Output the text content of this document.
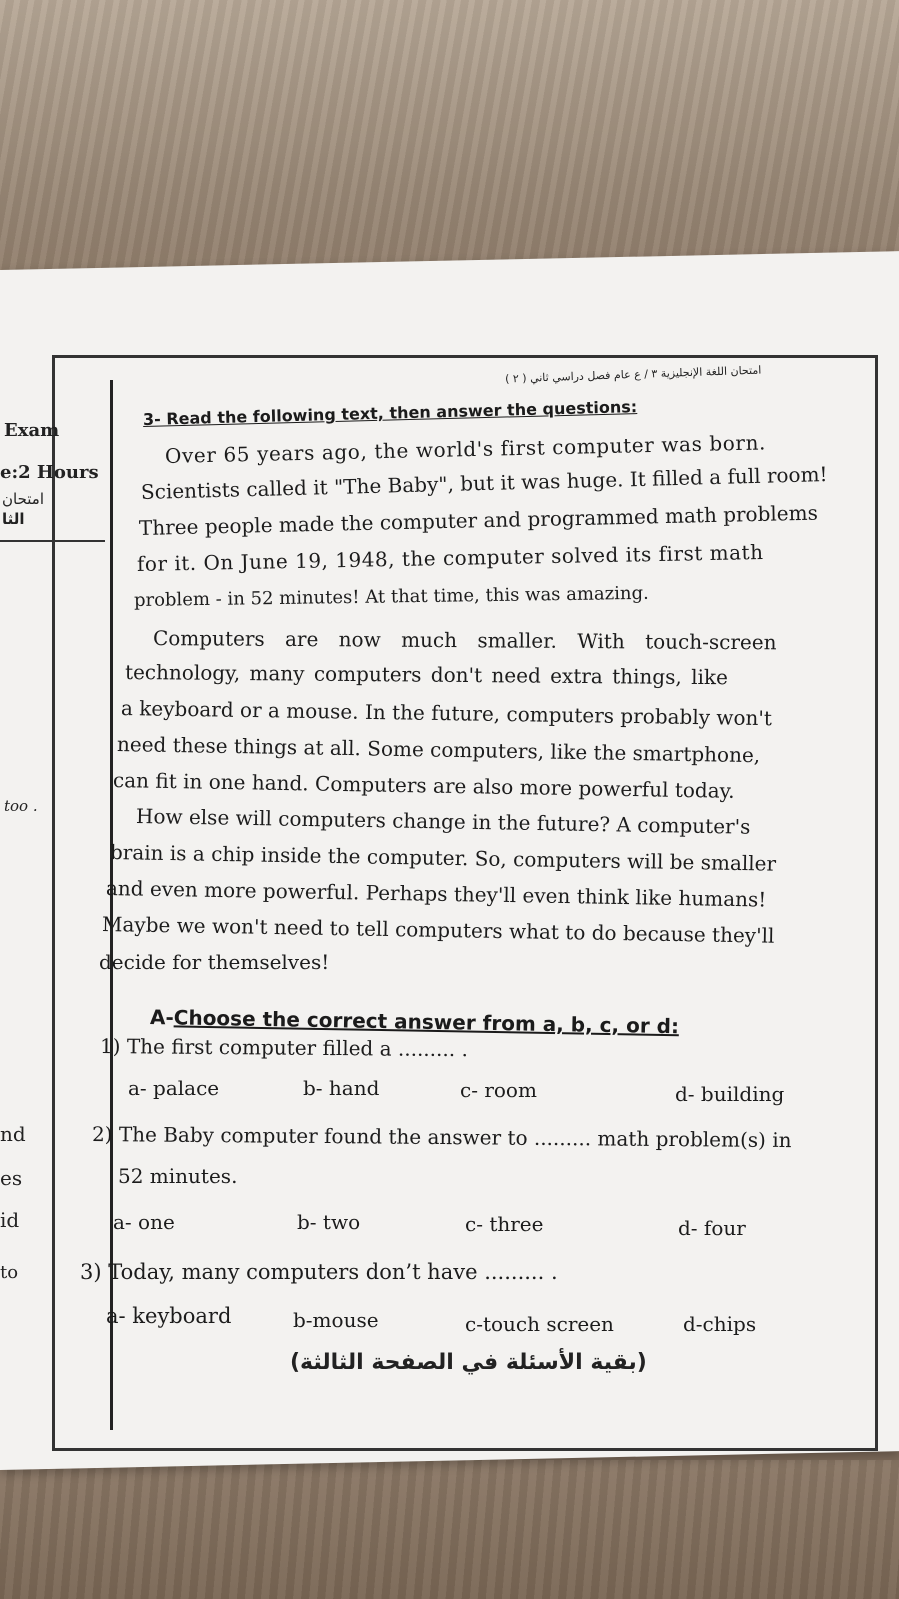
Exam
e:2 Hours
امتحان
الثا
too .
nd
es
id
to
امتحان اللغة الإنجليزية ٣ / ع عام فصل دراسي ثاني ( ٢ )
3- Read the following text, then answer the questions:
Over 65 years ago, the world's first computer was born.
Scientists called it "The Baby", but it was huge. It filled a full room!
Three people made the computer and programmed math problems
for it. On June 19, 1948, the computer solved its first math
problem - in 52 minutes! At that time, this was amazing.
Computers are now much smaller. With touch-screen
technology, many computers don't need extra things, like
a keyboard or a mouse. In the future, computers probably won't
need these things at all. Some computers, like the smartphone,
can fit in one hand. Computers are also more powerful today.
How else will computers change in the future? A computer's
brain is a chip inside the computer. So, computers will be smaller
and even more powerful. Perhaps they'll even think like humans!
Maybe we won't need to tell computers what to do because they'll
decide for themselves!
A-Choose the correct answer from a, b, c, or d:
1) The first computer filled a ......... .
a- palace	b- hand	c- room	d- building
2) The Baby computer found the answer to ......... math problem(s) in
52 minutes.
a- one	b- two	c- three	d- four
3) Today, many computers don’t have ......... .
a- keyboard	b-mouse	c-touch screen	d-chips
(بقية الأسئلة في الصفحة الثالثة)
